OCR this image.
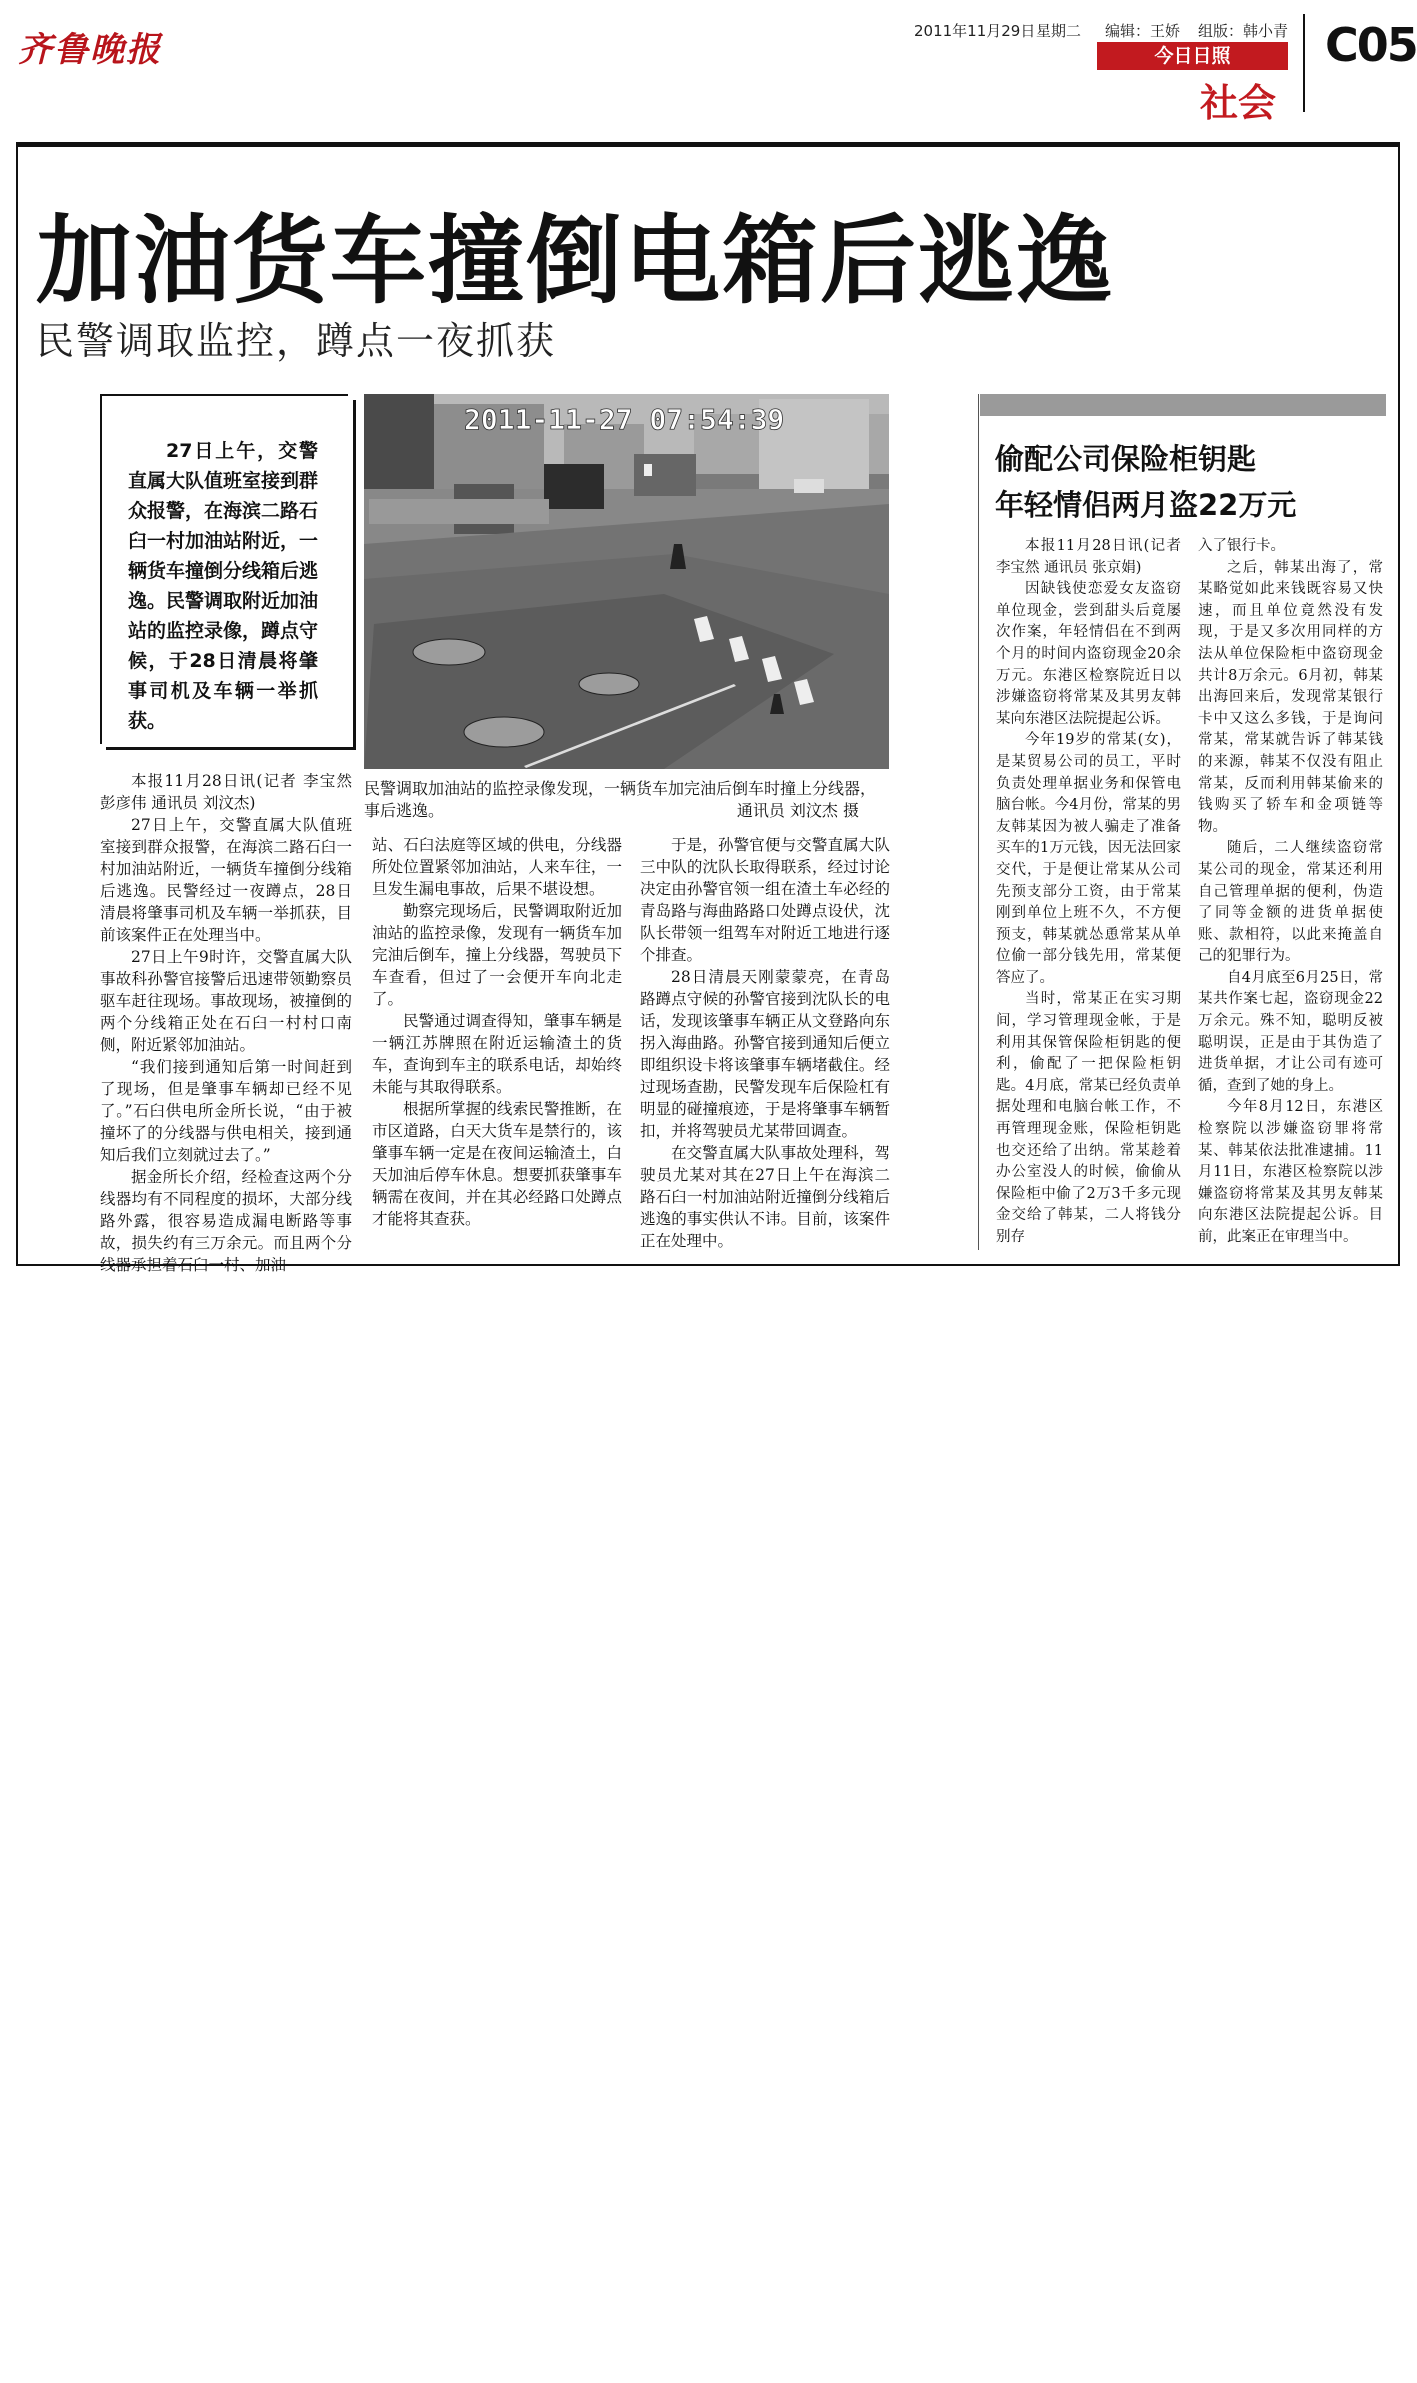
齐鲁晚报	2011年11月29日 星期二 编辑：王娇 组版：韩小青
今日日照
社会
C05
加油货车撞倒电箱后逃逸
民警调取监控，蹲点一夜抓获
27日上午，交警直属大队值班室接到群众报警，在海滨二路石臼一村加油站附近，一辆货车撞倒分线箱后逃逸。民警调取附近加油站的监控录像，蹲点守候，于28日清晨将肇事司机及车辆一举抓获。
2011-11-27 07:54:39
民警调取加油站的监控录像发现，一辆货车加完油后倒车时撞上分线器，事后逃逸。	通讯员 刘汶杰 摄

本报11月28日讯(记者 李宝然 彭彦伟 通讯员 刘汶杰)

27日上午，交警直属大队值班室接到群众报警，在海滨二路石臼一村加油站附近，一辆货车撞倒分线箱后逃逸。民警经过一夜蹲点，28日清晨将肇事司机及车辆一举抓获，目前该案件正在处理当中。

27日上午9时许，交警直属大队事故科孙警官接警后迅速带领勤察员驱车赶往现场。事故现场，被撞倒的两个分线箱正处在石臼一村村口南侧，附近紧邻加油站。

“我们接到通知后第一时间赶到了现场，但是肇事车辆却已经不见了。”石臼供电所金所长说，“由于被撞坏了的分线器与供电相关，接到通知后我们立刻就过去了。”

据金所长介绍，经检查这两个分线器均有不同程度的损坏，大部分线路外露，很容易造成漏电断路等事故，损失约有三万余元。而且两个分线器承担着石臼一村、加油

站、石臼法庭等区域的供电，分线器所处位置紧邻加油站，人来车往，一旦发生漏电事故，后果不堪设想。

勤察完现场后，民警调取附近加油站的监控录像，发现有一辆货车加完油后倒车，撞上分线器，驾驶员下车查看，但过了一会便开车向北走了。

民警通过调查得知，肇事车辆是一辆江苏牌照在附近运输渣土的货车，查询到车主的联系电话，却始终未能与其取得联系。

根据所掌握的线索民警推断，在市区道路，白天大货车是禁行的，该肇事车辆一定是在夜间运输渣土，白天加油后停车休息。想要抓获肇事车辆需在夜间，并在其必经路口处蹲点才能将其查获。

于是，孙警官便与交警直属大队三中队的沈队长取得联系，经过讨论决定由孙警官领一组在渣土车必经的青岛路与海曲路路口处蹲点设伏，沈队长带领一组驾车对附近工地进行逐个排查。

28日清晨天刚蒙蒙亮，在青岛路蹲点守候的孙警官接到沈队长的电话，发现该肇事车辆正从文登路向东拐入海曲路。孙警官接到通知后便立即组织设卡将该肇事车辆堵截住。经过现场查勘，民警发现车后保险杠有明显的碰撞痕迹，于是将肇事车辆暂扣，并将驾驶员尤某带回调查。

在交警直属大队事故处理科，驾驶员尤某对其在27日上午在海滨二路石臼一村加油站附近撞倒分线箱后逃逸的事实供认不讳。目前，该案件正在处理中。

偷配公司保险柜钥匙
年轻情侣两月盗22万元

本报11月28日讯(记者 李宝然 通讯员 张京娟)

因缺钱使恋爱女友盗窃单位现金，尝到甜头后竟屡次作案，年轻情侣在不到两个月的时间内盗窃现金20余万元。东港区检察院近日以涉嫌盗窃将常某及其男友韩某向东港区法院提起公诉。

今年19岁的常某(女)，是某贸易公司的员工，平时负责处理单据业务和保管电脑台帐。今4月份，常某的男友韩某因为被人骗走了准备买车的1万元钱，因无法回家交代，于是便让常某从公司先预支部分工资，由于常某刚到单位上班不久，不方便预支，韩某就怂恿常某从单位偷一部分钱先用，常某便答应了。

当时，常某正在实习期间，学习管理现金帐，于是利用其保管保险柜钥匙的便利，偷配了一把保险柜钥匙。4月底，常某已经负责单据处理和电脑台帐工作，不再管理现金账，保险柜钥匙也交还给了出纳。常某趁着办公室没人的时候，偷偷从保险柜中偷了2万3千多元现金交给了韩某，二人将钱分别存

入了银行卡。

之后，韩某出海了，常某略觉如此来钱既容易又快速，而且单位竟然没有发现，于是又多次用同样的方法从单位保险柜中盗窃现金共计8万余元。6月初，韩某出海回来后，发现常某银行卡中又这么多钱，于是询问常某，常某就告诉了韩某钱的来源，韩某不仅没有阻止常某，反而利用韩某偷来的钱购买了轿车和金项链等物。

随后，二人继续盗窃常某公司的现金，常某还利用自己管理单据的便利，伪造了同等金额的进货单据使账、款相符，以此来掩盖自己的犯罪行为。

自4月底至6月25日，常某共作案七起，盗窃现金22万余元。殊不知，聪明反被聪明误，正是由于其伪造了进货单据，才让公司有迹可循，查到了她的身上。

今年8月12日，东港区检察院以涉嫌盗窃罪将常某、韩某依法批准逮捕。11月11日，东港区检察院以涉嫌盗窃将常某及其男友韩某向东港区法院提起公诉。目前，此案正在审理当中。
